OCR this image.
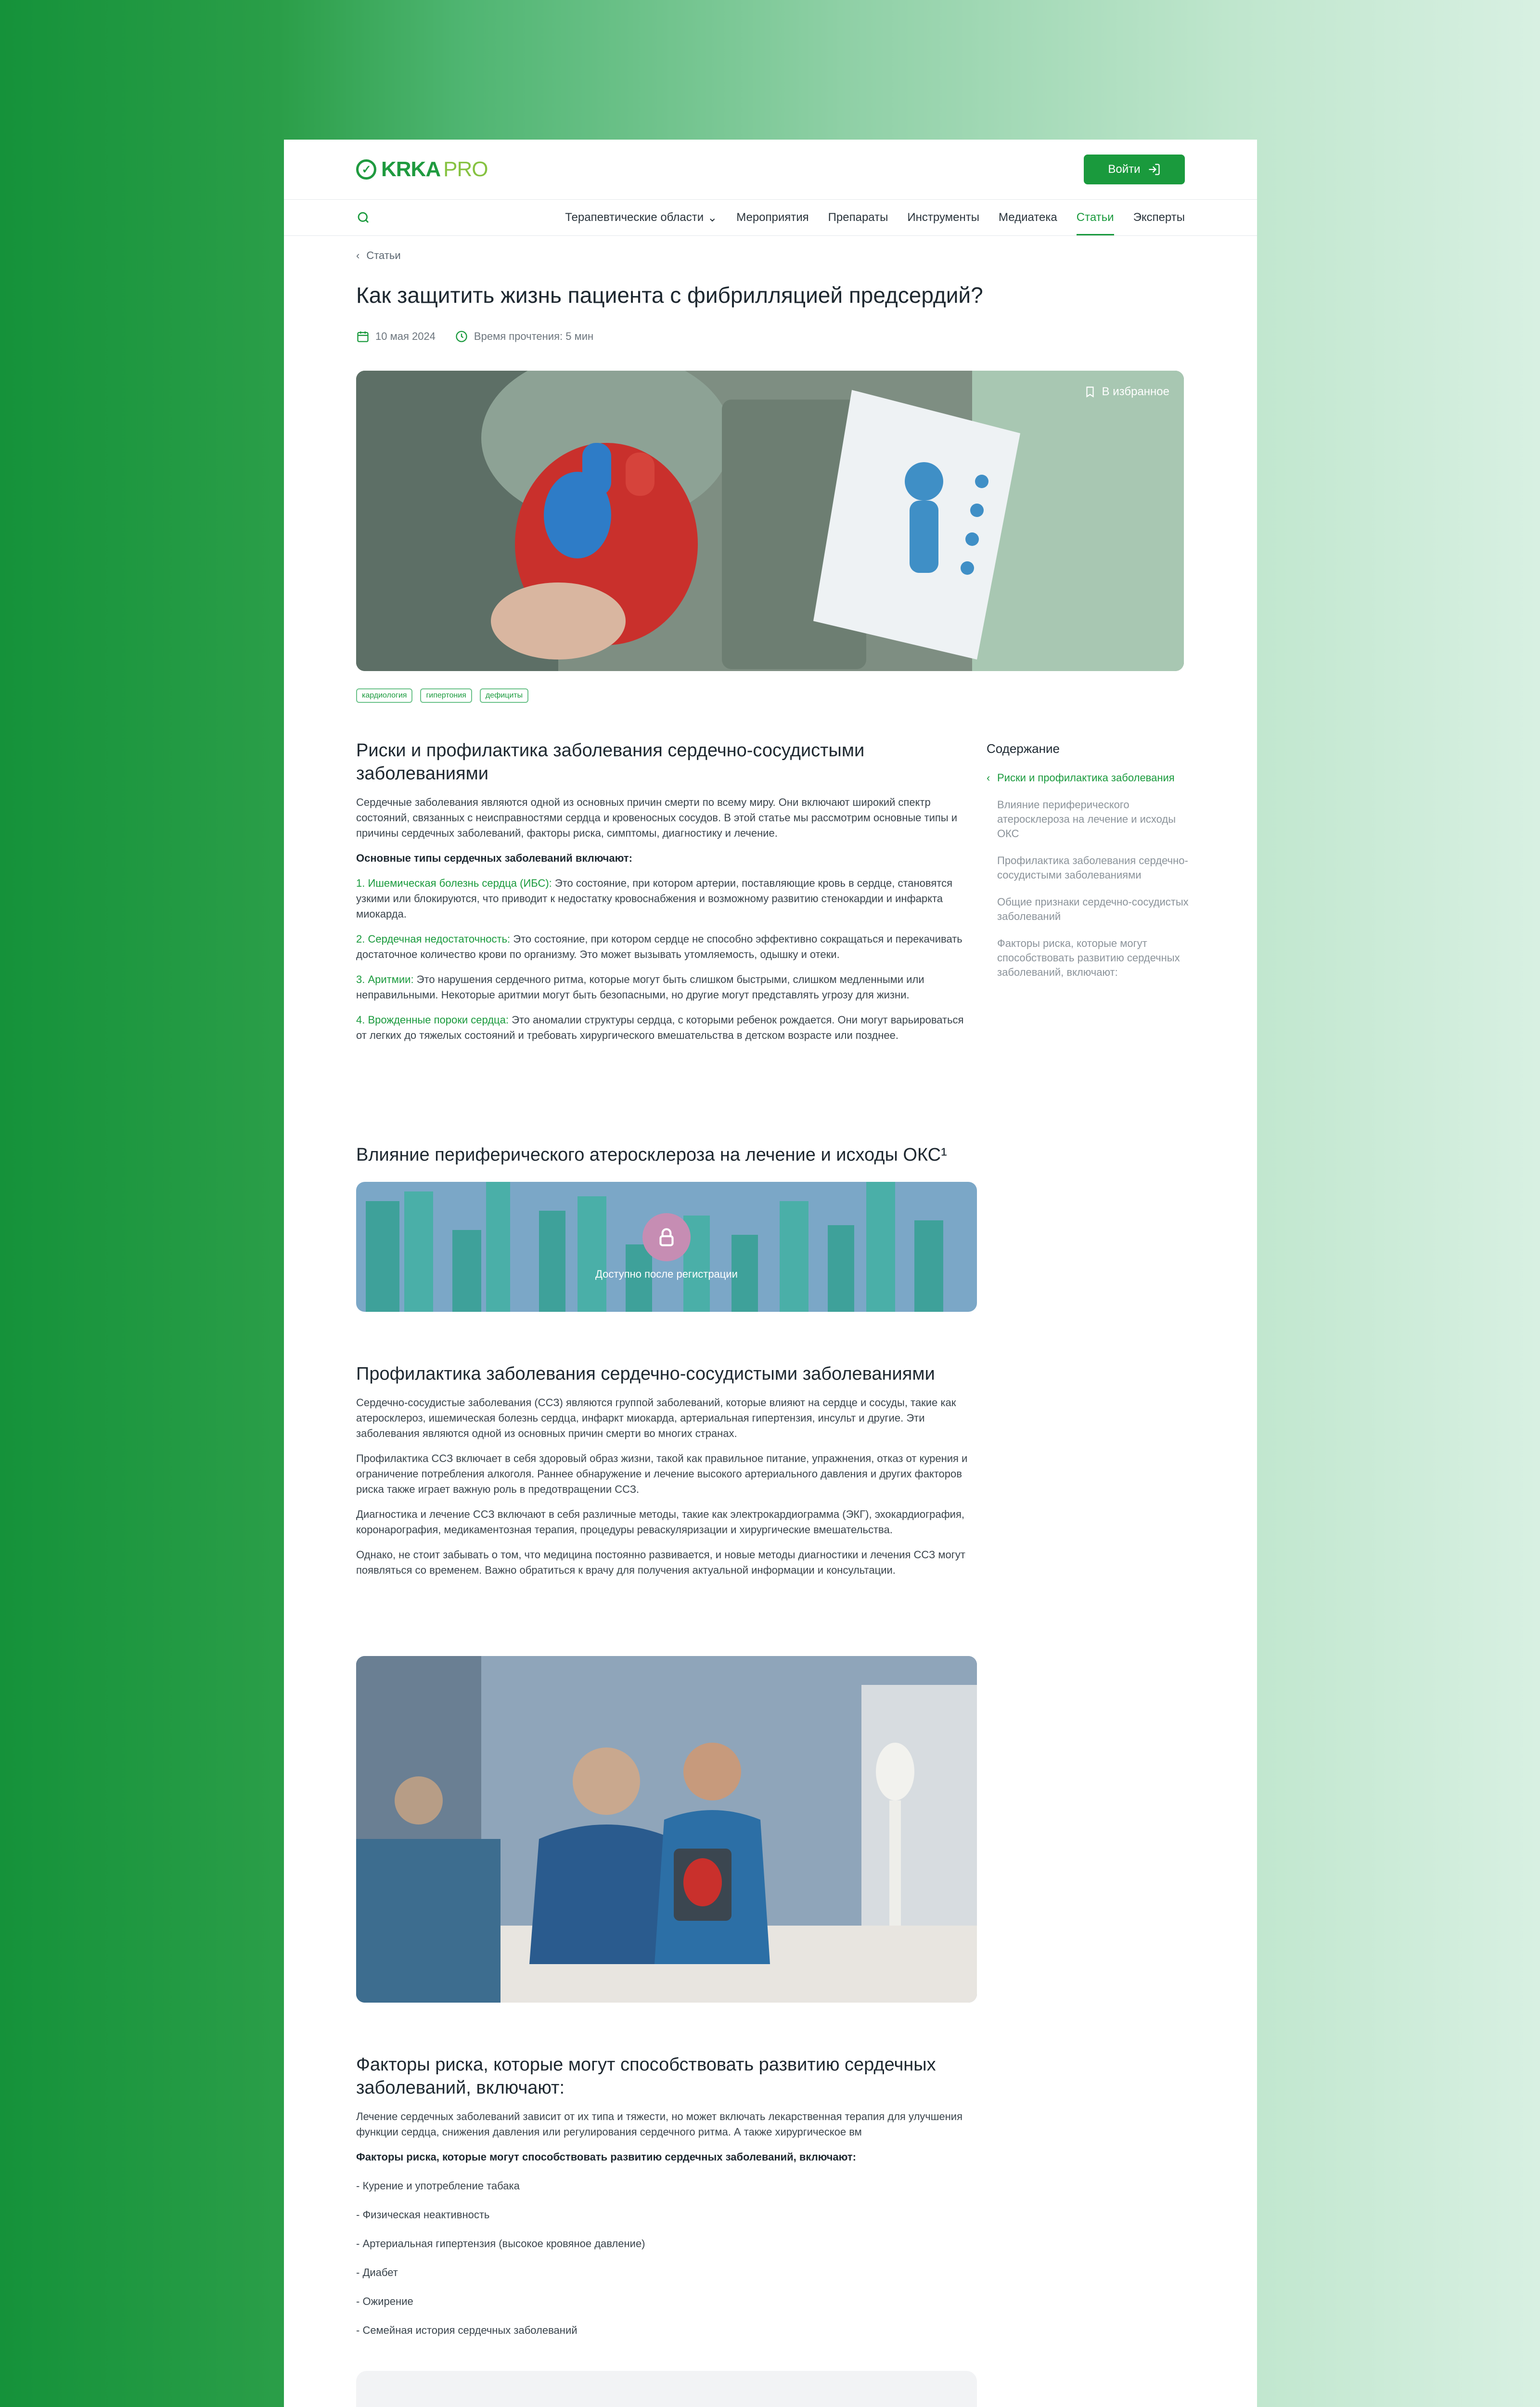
✓ KRKA PRO	Войти
Терапевтические области ⌄ Мероприятия Препараты Инструменты Медиатека Статьи Эксперты
‹ Статьи
Как защитить жизнь пациента с фибрилляцией предсердий?
10 мая 2024	Время прочтения: 5 мин
В избранное
кардиология	гипертония	дефициты
Риски и профилактика заболевания сердечно-сосудистыми заболеваниями

Сердечные заболевания являются одной из основных причин смерти по всему миру. Они включают широкий спектр состояний, связанных с неисправностями сердца и кровеносных сосудов. В этой статье мы рассмотрим основные типы и причины сердечных заболеваний, факторы риска, симптомы, диагностику и лечение.

Основные типы сердечных заболеваний включают:

1. Ишемическая болезнь сердца (ИБС): Это состояние, при котором артерии, поставляющие кровь в сердце, становятся узкими или блокируются, что приводит к недостатку кровоснабжения и возможному развитию стенокардии и инфаркта миокарда.

2. Сердечная недостаточность: Это состояние, при котором сердце не способно эффективно сокращаться и перекачивать достаточное количество крови по организму. Это может вызывать утомляемость, одышку и отеки.

3. Аритмии: Это нарушения сердечного ритма, которые могут быть слишком быстрыми, слишком медленными или неправильными. Некоторые аритмии могут быть безопасными, но другие могут представлять угрозу для жизни.

4. Врожденные пороки сердца: Это аномалии структуры сердца, с которыми ребенок рождается. Они могут варьироваться от легких до тяжелых состояний и требовать хирургического вмешательства в детском возрасте или позднее.

Содержание
‹ Риски и профилактика заболевания
Влияние периферического атеросклероза на лечение и исходы ОКС
Профилактика заболевания сердечно-сосудистыми заболеваниями
Общие признаки сердечно-сосудистых заболеваний
Факторы риска, которые могут способствовать развитию сердечных заболеваний, включают:
Влияние периферического атеросклероза на лечение и исходы ОКС¹
Доступно после регистрации
Профилактика заболевания сердечно-сосудистыми заболеваниями

Сердечно-сосудистые заболевания (ССЗ) являются группой заболеваний, которые влияют на сердце и сосуды, такие как атеросклероз, ишемическая болезнь сердца, инфаркт миокарда, артериальная гипертензия, инсульт и другие. Эти заболевания являются одной из основных причин смерти во многих странах.

Профилактика ССЗ включает в себя здоровый образ жизни, такой как правильное питание, упражнения, отказ от курения и ограничение потребления алкоголя. Раннее обнаружение и лечение высокого артериального давления и других факторов риска также играет важную роль в предотвращении ССЗ.

Диагностика и лечение ССЗ включают в себя различные методы, такие как электрокардиограмма (ЭКГ), эхокардиография, коронарография, медикаментозная терапия, процедуры реваскуляризации и хирургические вмешательства.

Однако, не стоит забывать о том, что медицина постоянно развивается, и новые методы диагностики и лечения ССЗ могут появляться со временем. Важно обратиться к врачу для получения актуальной информации и консультации.

Факторы риска, которые могут способствовать развитию сердечных заболеваний, включают:

Лечение сердечных заболеваний зависит от их типа и тяжести, но может включать лекарственная терапия для улучшения функции сердца, снижения давления или регулирования сердечного ритма. А также хирургическое вм

Факторы риска, которые могут способствовать развитию сердечных заболеваний, включают:

- Курение и употребление табака
- Физическая неактивность
- Артериальная гипертензия (высокое кровяное давление)
- Диабет
- Ожирение
- Семейная история сердечных заболеваний
